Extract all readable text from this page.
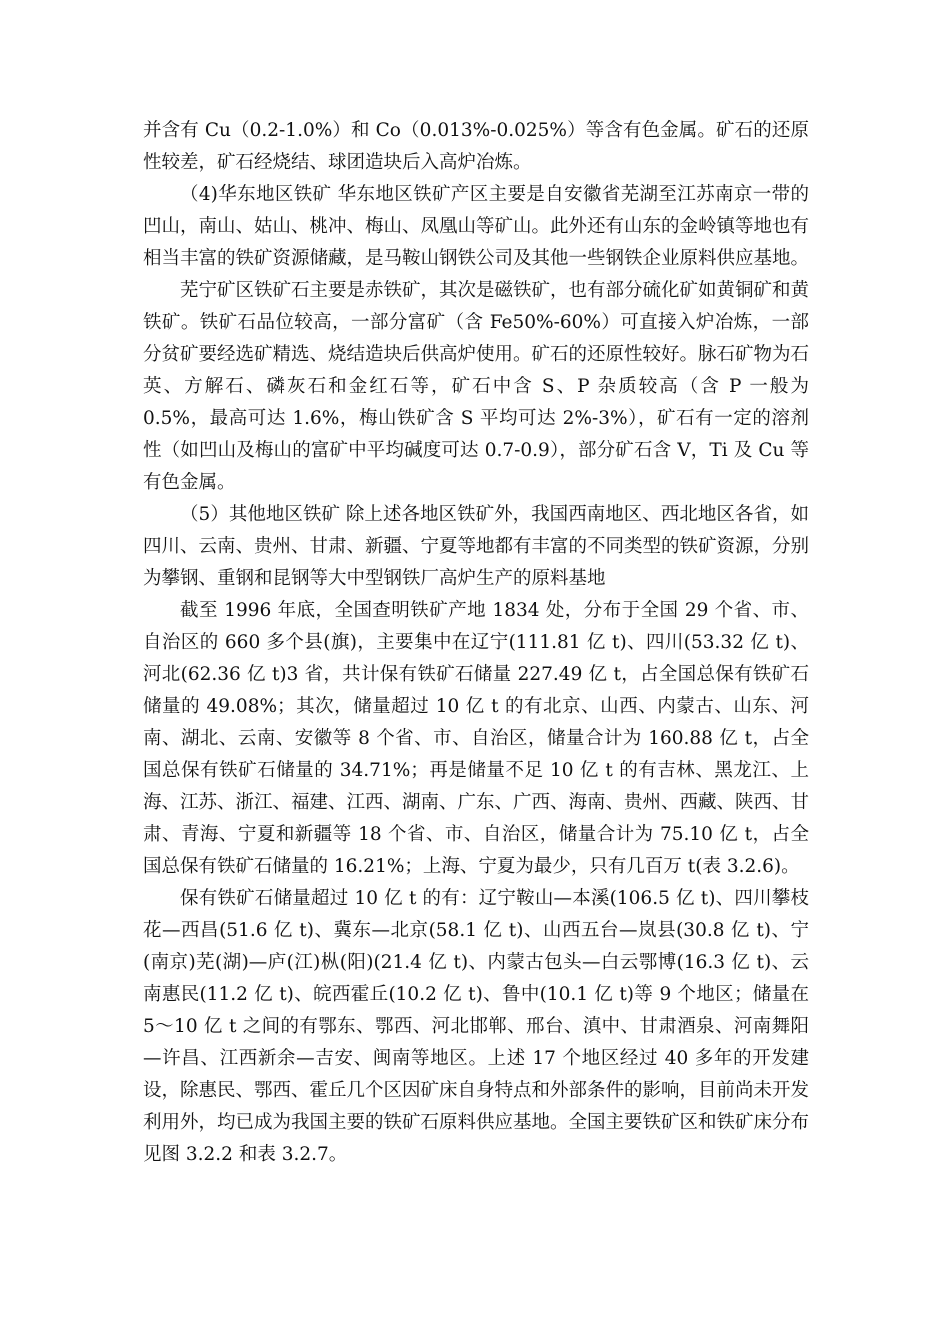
并含有 Cu（0.2-1.0%）和 Co（0.013%-0.025%）等含有色金属。矿石的还原性较差，矿石经烧结、球团造块后入高炉冶炼。

（4)华东地区铁矿 华东地区铁矿产区主要是自安徽省芜湖至江苏南京一带的凹山，南山、姑山、桃冲、梅山、凤凰山等矿山。此外还有山东的金岭镇等地也有相当丰富的铁矿资源储藏，是马鞍山钢铁公司及其他一些钢铁企业原料供应基地。

芜宁矿区铁矿石主要是赤铁矿，其次是磁铁矿，也有部分硫化矿如黄铜矿和黄铁矿。铁矿石品位较高，一部分富矿（含 Fe50%-60%）可直接入炉冶炼，一部分贫矿要经选矿精选、烧结造块后供高炉使用。矿石的还原性较好。脉石矿物为石英、方解石、磷灰石和金红石等，矿石中含 S、P 杂质较高（含 P 一般为 0.5%，最高可达 1.6%，梅山铁矿含 S 平均可达 2%-3%），矿石有一定的溶剂性（如凹山及梅山的富矿中平均碱度可达 0.7-0.9），部分矿石含 V，Ti 及 Cu 等有色金属。

（5）其他地区铁矿 除上述各地区铁矿外，我国西南地区、西北地区各省，如四川、云南、贵州、甘肃、新疆、宁夏等地都有丰富的不同类型的铁矿资源，分别为攀钢、重钢和昆钢等大中型钢铁厂高炉生产的原料基地

截至 1996 年底，全国查明铁矿产地 1834 处，分布于全国 29 个省、市、自治区的 660 多个县(旗)，主要集中在辽宁(111.81 亿 t)、四川(53.32 亿 t)、河北(62.36 亿 t)3 省，共计保有铁矿石储量 227.49 亿 t，占全国总保有铁矿石储量的 49.08%；其次，储量超过 10 亿 t 的有北京、山西、内蒙古、山东、河南、湖北、云南、安徽等 8 个省、市、自治区，储量合计为 160.88 亿 t，占全国总保有铁矿石储量的 34.71%；再是储量不足 10 亿 t 的有吉林、黑龙江、上海、江苏、浙江、福建、江西、湖南、广东、广西、海南、贵州、西藏、陕西、甘肃、青海、宁夏和新疆等 18 个省、市、自治区，储量合计为 75.10 亿 t，占全国总保有铁矿石储量的 16.21%；上海、宁夏为最少，只有几百万 t(表 3.2.6)。

保有铁矿石储量超过 10 亿 t 的有：辽宁鞍山—本溪(106.5 亿 t)、四川攀枝花—西昌(51.6 亿 t)、冀东—北京(58.1 亿 t)、山西五台—岚县(30.8 亿 t)、宁(南京)芜(湖)—庐(江)枞(阳)(21.4 亿 t)、内蒙古包头—白云鄂博(16.3 亿 t)、云南惠民(11.2 亿 t)、皖西霍丘(10.2 亿 t)、鲁中(10.1 亿 t)等 9 个地区；储量在 5～10 亿 t 之间的有鄂东、鄂西、河北邯郸、邢台、滇中、甘肃酒泉、河南舞阳—许昌、江西新余—吉安、闽南等地区。上述 17 个地区经过 40 多年的开发建设，除惠民、鄂西、霍丘几个区因矿床自身特点和外部条件的影响，目前尚未开发利用外，均已成为我国主要的铁矿石原料供应基地。全国主要铁矿区和铁矿床分布见图 3.2.2 和表 3.2.7。
